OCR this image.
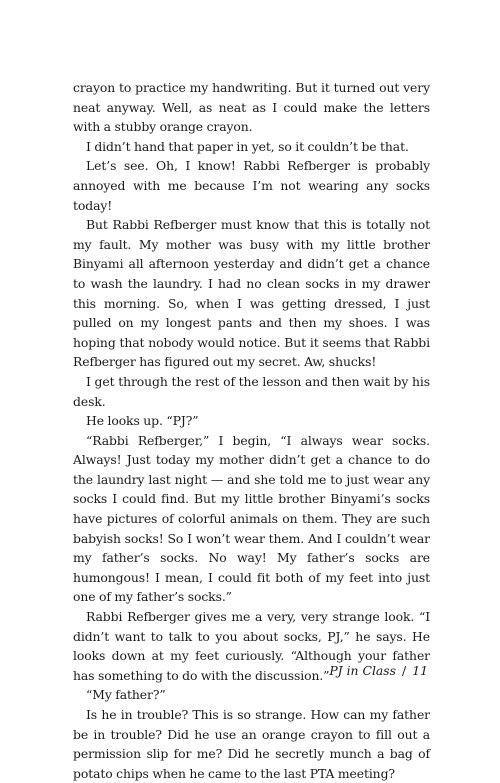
crayon to practice my handwriting. But it turned out very neat anyway. Well, as neat as I could make the letters with a stubby orange crayon.

I didn’t hand that paper in yet, so it couldn’t be that.

Let’s see. Oh, I know! Rabbi Refberger is probably annoyed with me because I’m not wearing any socks today!

But Rabbi Refberger must know that this is totally not my fault. My mother was busy with my little brother Binyami all afternoon yesterday and didn’t get a chance to wash the laundry. I had no clean socks in my drawer this morning. So, when I was getting dressed, I just pulled on my longest pants and then my shoes. I was hoping that nobody would notice. But it seems that Rabbi Refberger has figured out my secret. Aw, shucks!

I get through the rest of the lesson and then wait by his desk.

He looks up. “PJ?”

“Rabbi Refberger,” I begin, “I always wear socks. Always! Just today my mother didn’t get a chance to do the laundry last night — and she told me to just wear any socks I could find. But my little brother Binyami’s socks have pictures of colorful animals on them. They are such babyish socks! So I won’t wear them. And I couldn’t wear my father’s socks. No way! My father’s socks are humongous! I mean, I could fit both of my feet into just one of my father’s socks.”

Rabbi Refberger gives me a very, very strange look. “I didn’t want to talk to you about socks, PJ,” he says. He looks down at my feet curiously. “Although your father has something to do with the discussion.”

“My father?”

Is he in trouble? This is so strange. How can my father be in trouble? Did he use an orange crayon to fill out a permission slip for me? Did he secretly munch a bag of potato chips when he came to the last PTA meeting?

PJ in Class / 11
